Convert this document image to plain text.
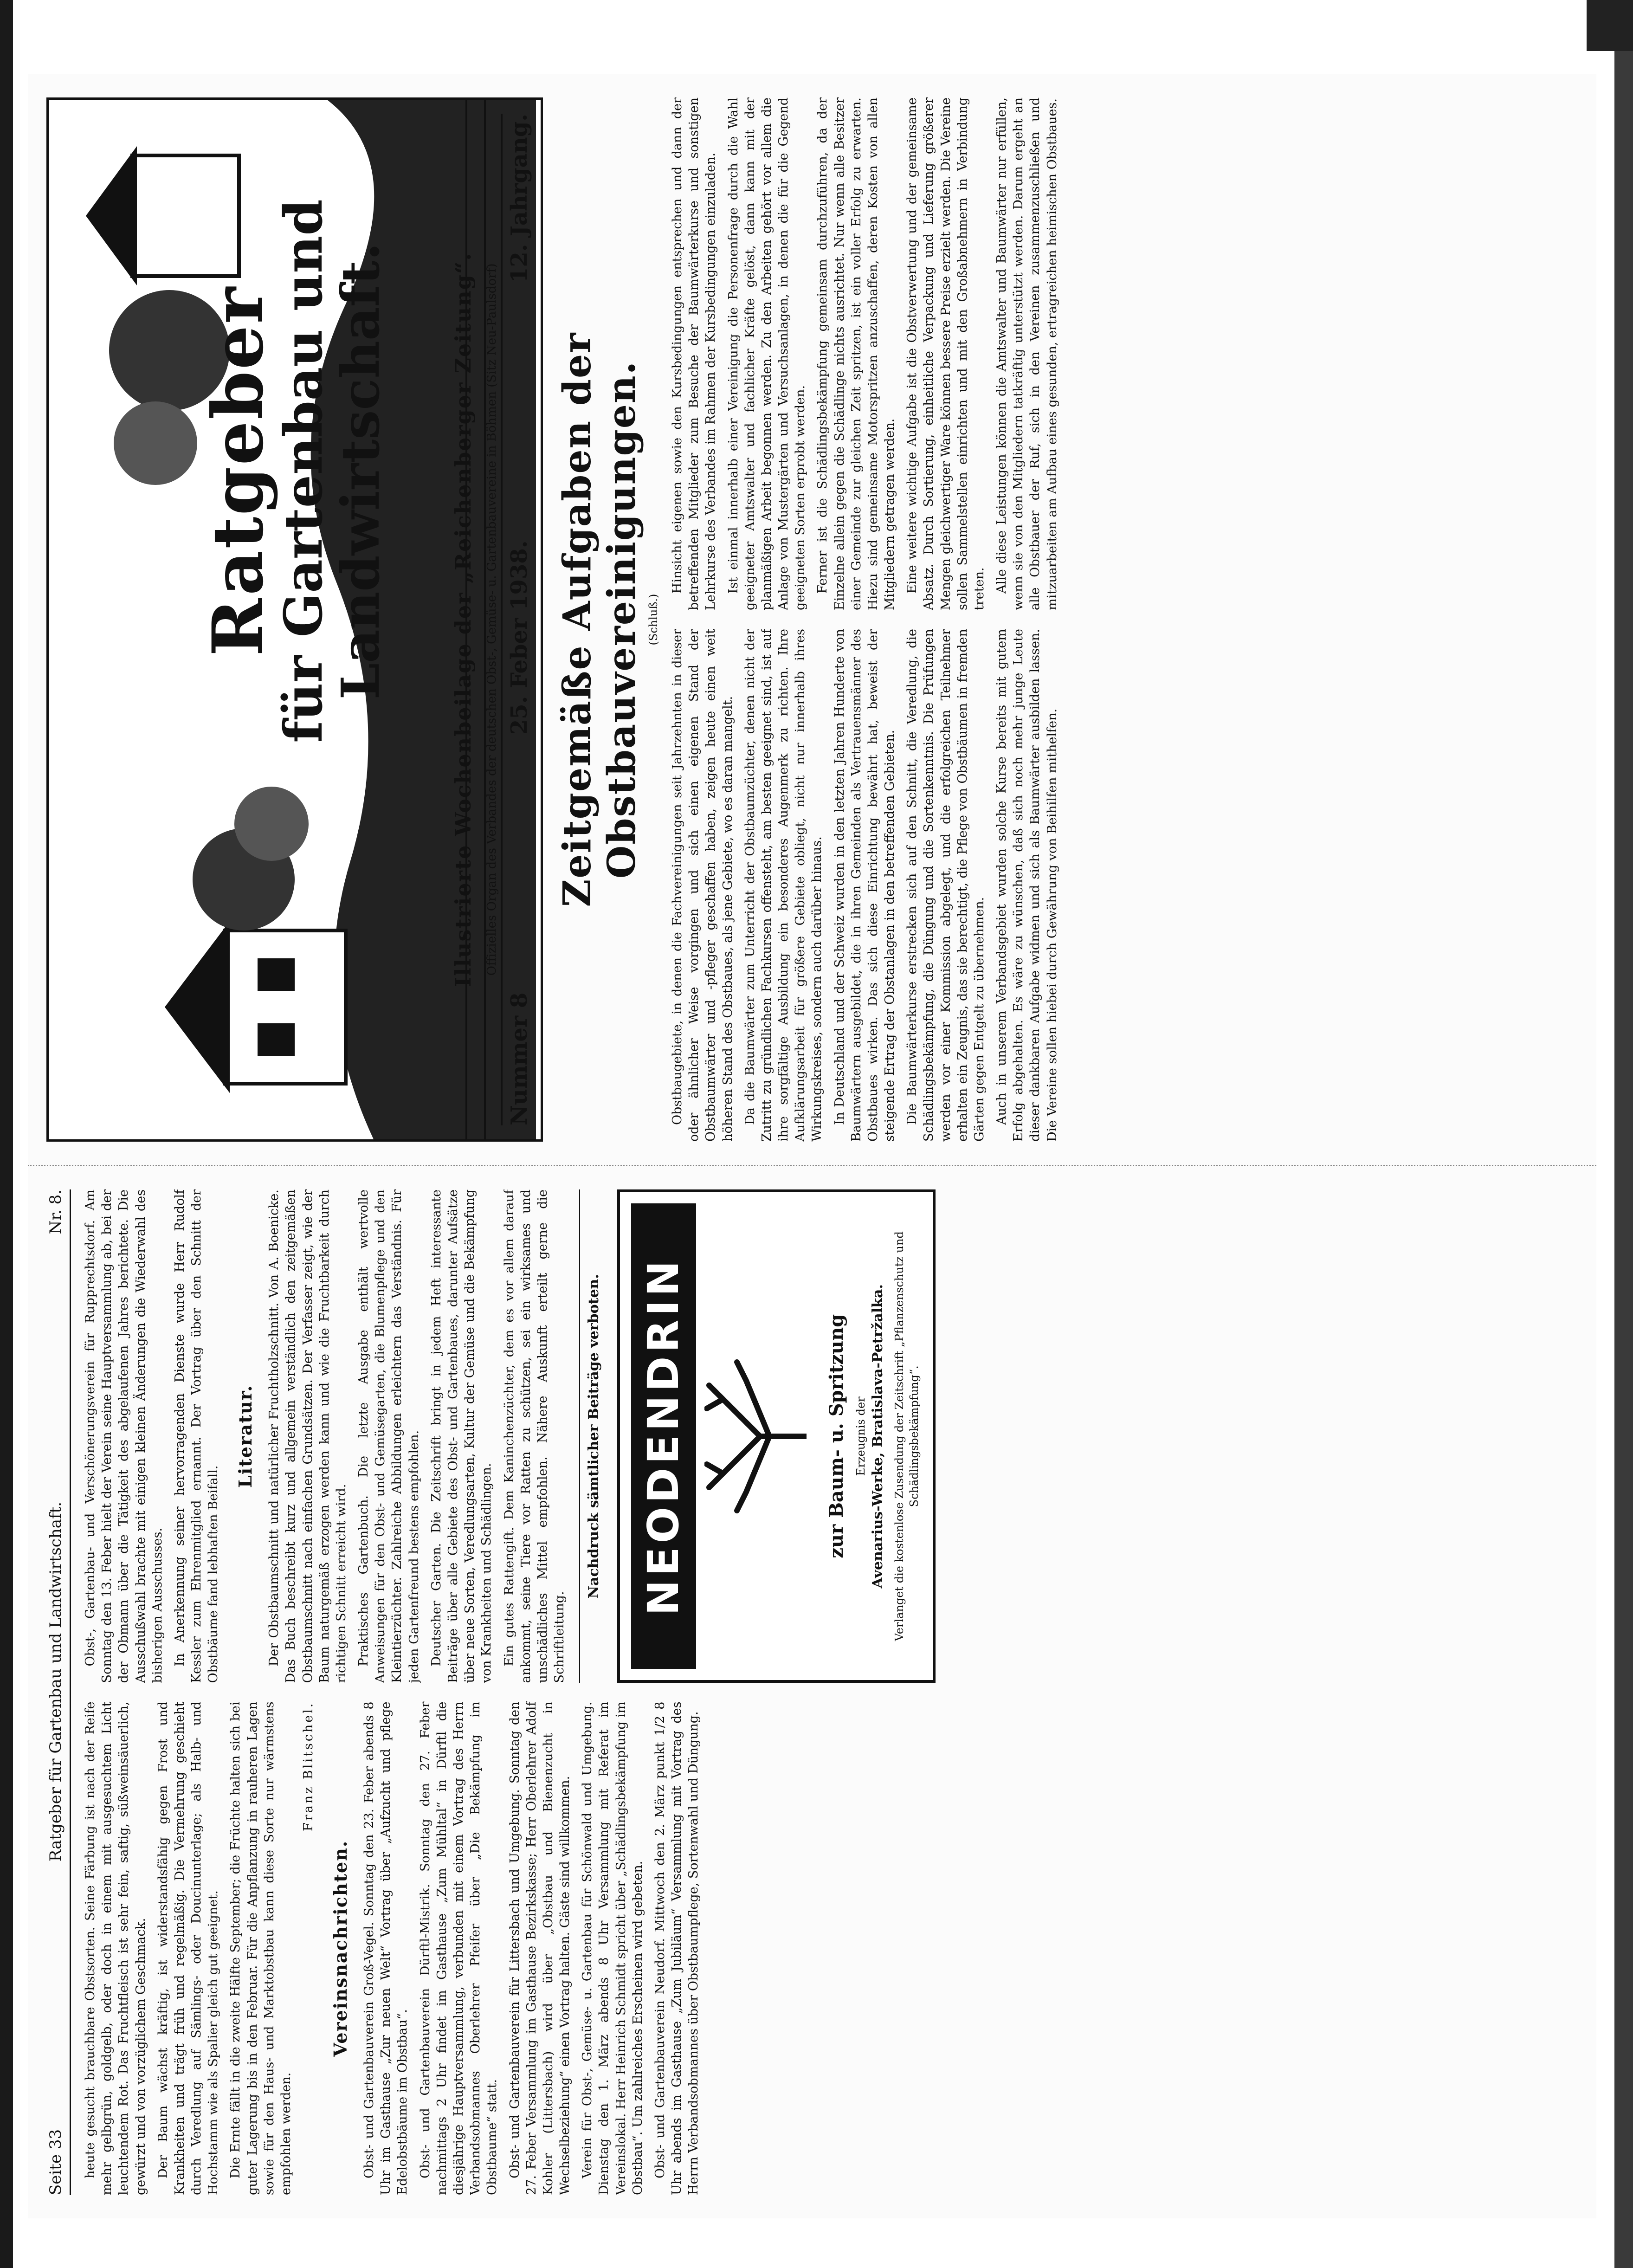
Seite 33
Ratgeber für Gartenbau und Landwirtschaft.
Nr. 8.

heute gesucht brauchbare Obstsorten. Seine Färbung ist nach der Reife mehr gelbgrün, goldgelb, oder doch in einem mit ausgesuchtem Licht leuchtendem Rot. Das Fruchtfleisch ist sehr fein, saftig, süßweinsäuerlich, gewürzt und von vorzüglichem Geschmack. Der Baum wächst kräftig, ist widerstandsfähig gegen Frost und Krankheiten und trägt früh und regelmäßig. Die Vermehrung geschieht durch Veredlung auf Sämlings- oder Doucinunterlage; als Halb- und Hochstamm wie als Spalier gleich gut geeignet. Die Ernte fällt in die zweite Hälfte September; die Früchte halten sich bei guter Lagerung bis in den Februar. Für die Anpflanzung in rauheren Lagen sowie für den Haus- und Marktobstbau kann diese Sorte nur wärmstens empfohlen werden.

Franz Blitschel.
Vereinsnachrichten. Obst- und Gartenbauverein Groß-Vegel. Sonntag den 23. Feber abends 8 Uhr im Gasthause „Zur neuen Welt“ Vortrag über „Aufzucht und pflege Edelobstbäume im Obstbau“. Obst- und Gartenbauverein Dürftl-Mistrik. Sonntag den 27. Feber nachmittags 2 Uhr findet im Gasthause „Zum Mühltal“ in Dürftl die diesjährige Hauptversammlung, verbunden mit einem Vortrag des Herrn Verbandsobmannes Oberlehrer Pfeifer über „Die Bekämpfung im Obstbaume“ statt. Obst- und Gartenbauverein für Littersbach und Umgebung. Sonntag den 27. Feber Versammlung im Gasthause Bezirkskasse; Herr Oberlehrer Adolf Kohler (Littersbach) wird über „Obstbau und Bienenzucht in Wechselbeziehung“ einen Vortrag halten. Gäste sind willkommen. Verein für Obst-, Gemüse- u. Gartenbau für Schönwald und Umgebung. Dienstag den 1. März abends 8 Uhr Versammlung mit Referat im Vereinslokal. Herr Heinrich Schmidt spricht über „Schädlingsbekämpfung im Obstbau“. Um zahlreiches Erscheinen wird gebeten. Obst- und Gartenbauverein Neudorf. Mittwoch den 2. März punkt 1/2 8 Uhr abends im Gasthause „Zum Jubiläum“ Versammlung mit Vortrag des Herrn Verbandsobmannes über Obstbaumpflege, Sortenwahl und Düngung.

Obst-, Gartenbau- und Verschönerungsverein für Rupprechtsdorf. Am Sonntag den 13. Feber hielt der Verein seine Hauptversammlung ab, bei der der Obmann über die Tätigkeit des abgelaufenen Jahres berichtete. Die Ausschußwahl brachte mit einigen kleinen Änderungen die Wiederwahl des bisherigen Ausschusses. In Anerkennung seiner hervorragenden Dienste wurde Herr Rudolf Kessler zum Ehrenmitglied ernannt. Der Vortrag über den Schnitt der Obstbäume fand lebhaften Beifall.

Literatur. Der Obstbaumschnitt und natürlicher Fruchtholzschnitt. Von A. Boenicke. Das Buch beschreibt kurz und allgemein verständlich den zeitgemäßen Obstbaumschnitt nach einfachen Grundsätzen. Der Verfasser zeigt, wie der Baum naturgemäß erzogen werden kann und wie die Fruchtbarkeit durch richtigen Schnitt erreicht wird. Praktisches Gartenbuch. Die letzte Ausgabe enthält wertvolle Anweisungen für den Obst- und Gemüsegarten, die Blumenpflege und den Kleintierzüchter. Zahlreiche Abbildungen erleichtern das Verständnis. Für jeden Gartenfreund bestens empfohlen. Deutscher Garten. Die Zeitschrift bringt in jedem Heft interessante Beiträge über alle Gebiete des Obst- und Gartenbaues, darunter Aufsätze über neue Sorten, Veredlungsarten, Kultur der Gemüse und die Bekämpfung von Krankheiten und Schädlingen. Ein gutes Rattengift. Dem Kaninchenzüchter, dem es vor allem darauf ankommt, seine Tiere vor Ratten zu schützen, sei ein wirksames und unschädliches Mittel empfohlen. Nähere Auskunft erteilt gerne die Schriftleitung.

Nachdruck sämtlicher Beiträge verboten. NEODENDRIN	zur Baum- u. Spritzung Erzeugnis der Avenarius-Werke, Bratislava-Petržalka. Verlanget die kostenlose Zusendung der Zeitschrift „Pflanzenschutz und Schädlingsbekämpfung“.
Ratgeber
für Gartenbau und Landwirtschaft.	Illustrierte Wochenbeilage der „Reichenberger Zeitung“. Offizielles Organ des Verbandes der deutschen Obst-, Gemüse- u. Gartenbauvereine in Böhmen (Sitz Neu-Paulsdorf)
Nummer 8
25. Feber 1938.
12. Jahrgang.
Zeitgemäße Aufgaben der Obstbauvereinigungen. (Schluß.)

Obstbaugebiete, in denen die Fachvereinigungen seit Jahrzehnten in dieser oder ähnlicher Weise vorgingen und sich einen eigenen Stand der Obstbaumwärter und -pfleger geschaffen haben, zeigen heute einen weit höheren Stand des Obstbaues, als jene Gebiete, wo es daran mangelt. Da die Baumwärter zum Unterricht der Obstbaumzüchter, denen nicht der Zutritt zu gründlichen Fachkursen offensteht, am besten geeignet sind, ist auf ihre sorgfältige Ausbildung ein besonderes Augenmerk zu richten. Ihre Aufklärungsarbeit für größere Gebiete obliegt, nicht nur innerhalb ihres Wirkungskreises, sondern auch darüber hinaus. In Deutschland und der Schweiz wurden in den letzten Jahren Hunderte von Baumwärtern ausgebildet, die in ihren Gemeinden als Vertrauensmänner des Obstbaues wirken. Das sich diese Einrichtung bewährt hat, beweist der steigende Ertrag der Obstanlagen in den betreffenden Gebieten. Die Baumwärterkurse erstrecken sich auf den Schnitt, die Veredlung, die Schädlingsbekämpfung, die Düngung und die Sortenkenntnis. Die Prüfungen werden vor einer Kommission abgelegt, und die erfolgreichen Teilnehmer erhalten ein Zeugnis, das sie berechtigt, die Pflege von Obstbäumen in fremden Gärten gegen Entgelt zu übernehmen. Auch in unserem Verbandsgebiet wurden solche Kurse bereits mit gutem Erfolg abgehalten. Es wäre zu wünschen, daß sich noch mehr junge Leute dieser dankbaren Aufgabe widmen und sich als Baumwärter ausbilden lassen. Die Vereine sollen hiebei durch Gewährung von Beihilfen mithelfen.

Hinsicht eigenen sowie den Kursbedingungen entsprechen und dann der betreffenden Mitglieder zum Besuche der Baumwärterkurse und sonstigen Lehrkurse des Verbandes im Rahmen der Kursbedingungen einzuladen. Ist einmal innerhalb einer Vereinigung die Personenfrage durch die Wahl geeigneter Amtswalter und fachlicher Kräfte gelöst, dann kann mit der planmäßigen Arbeit begonnen werden. Zu den Arbeiten gehört vor allem die Anlage von Mustergärten und Versuchsanlagen, in denen die für die Gegend geeigneten Sorten erprobt werden. Ferner ist die Schädlingsbekämpfung gemeinsam durchzuführen, da der Einzelne allein gegen die Schädlinge nichts ausrichtet. Nur wenn alle Besitzer einer Gemeinde zur gleichen Zeit spritzen, ist ein voller Erfolg zu erwarten. Hiezu sind gemeinsame Motorspritzen anzuschaffen, deren Kosten von allen Mitgliedern getragen werden. Eine weitere wichtige Aufgabe ist die Obstverwertung und der gemeinsame Absatz. Durch Sortierung, einheitliche Verpackung und Lieferung größerer Mengen gleichwertiger Ware können bessere Preise erzielt werden. Die Vereine sollen Sammelstellen einrichten und mit den Großabnehmern in Verbindung treten. Alle diese Leistungen können die Amtswalter und Baumwärter nur erfüllen, wenn sie von den Mitgliedern tatkräftig unterstützt werden. Darum ergeht an alle Obstbauer der Ruf, sich in den Vereinen zusammenzuschließen und mitzuarbeiten am Aufbau eines gesunden, ertragreichen heimischen Obstbaues.
